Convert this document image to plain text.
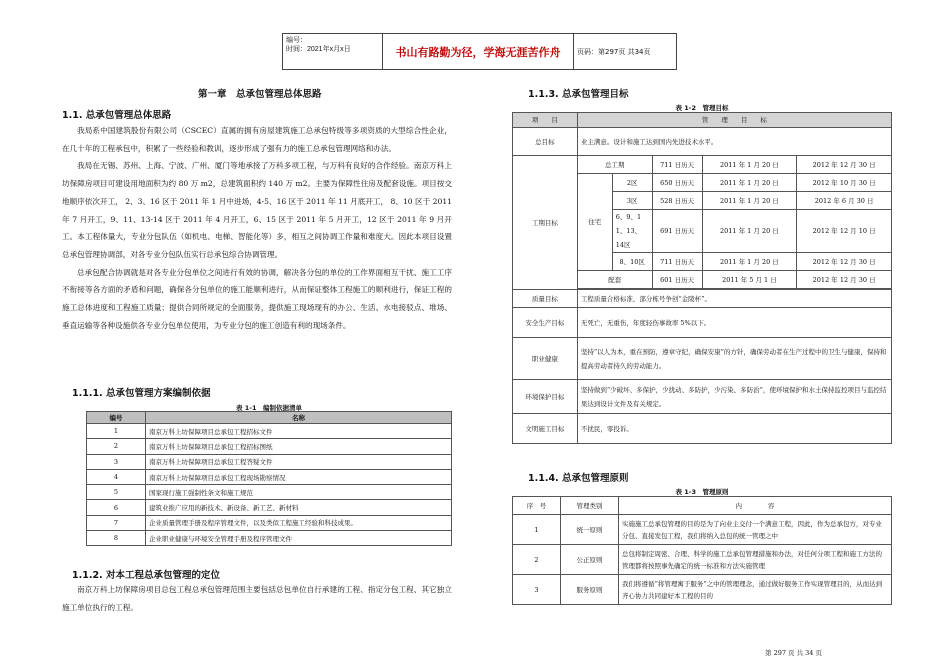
编号：
时间：2021年x月x日	书山有路勤为径，学海无涯苦作舟	页码：第297页 共34页
第一章　总承包管理总体思路
1.1. 总承包管理总体思路

我局系中国建筑股份有限公司（CSCEC）直属的拥有房屋建筑施工总承包特级等多项资质的大型综合性企业，在几十年的工程承包中，积累了一些经验和教训，逐步形成了强有力的施工总承包管理网络和办法。

我局在无锡、苏州、上海、宁波、广州、厦门等地承接了万科多项工程，与万科有良好的合作经验。南京万科上坊保障房项目可建设用地面积为约 80 万 m2，总建筑面积约 140 万 m2。主要为保障性住房及配套设施。项目按交地顺序依次开工， 2、3、16 区于 2011 年 1 月中进场，4-5、16 区于 2011 年 11 月底开工， 8、10 区于 2011 年 7 月开工，9、11、13-14 区于 2011 年 4 月开工，6、15 区于 2011 年 5 月开工，12 区于 2011 年 9 月开工。本工程体量大，专业分包队伍（如机电、电梯、智能化等）多，相互之间协调工作量和难度大。因此本项目设置总承包管理协调部，对各专业分包队伍实行总承包综合协调管理。

总承包配合协调就是对各专业分包单位之间进行有效的协调，解决各分包的单位的工作界面相互干扰、施工工序不衔接等各方面的矛盾和问题，确保各分包单位的施工能顺利进行，从而保证整体工程施工的顺利进行，保证工程的施工总体进度和工程施工质量；提供合同所规定的全面服务，提供施工现场现有的办公、生活、水电接驳点、堆场、垂直运输等各种设施供各专业分包单位使用，为专业分包的施工创造有利的现场条件。

1.1.1. 总承包管理方案编制依据
表 1-1　编制依据清单
编号	名称
1	南京万科上坊保障项目总承包工程招标文件
2	南京万科上坊保障项目总承包工程招标图纸
3	南京万科上坊保障项目总承包工程答疑文件
4	南京万科上坊保障项目总承包工程现场勘察情况
5	国家现行施工强制性条文和施工规范
6	建筑业推广应用的新技术、新设备、新工艺、新材料
7	企业质量管理手册及程序管理文件，以及类似工程施工经验和科技成果。
8	企业职业健康与环境安全管理手册及程序管理文件
1.1.2. 对本工程总承包管理的定位

南京万科上坊保障房项目总包工程总承包管理范围主要包括总包单位自行承建的工程、指定分包工程、其它独立施工单位执行的工程。

1.1.3. 总承包管理目标
表 1-2　管理目标
项　　目	管　　理　　目　　标				
总目标	业主满意。设计和施工达到国内先进技术水平。				
工期目标	总工期		711 日历天	2011 年 1 月 20 日	2012 年 12 月 30 日
	住宅	2区	650 日历天	2011 年 1 月 20 日	2012 年 10 月 30 日
		3区	528 日历天	2011 年 1 月 20 日	2012 年 6 月 30 日
		6、9、1 1、13、 14区	691 日历天	2011 年 1 月 20 日	2012 年 12 月 10 日
		8、10区	711 日历天	2011 年 1 月 20 日	2012 年 12 月 30 日
	配套		601 日历天	2011 年 5 月 1 日	2012 年 12 月 30 日

质量目标	工程质量合格标准，部分栋号争创“金陵杯”。				
安全生产目标	无死亡，无重伤，年度轻伤事故率 5%以下。				
职业健康	坚持“以人为本，重在预防，遵章守纪，确保安康”的方针，确保劳动者在生产过程中的卫生与健康，保持和提高劳动者持久的劳动能力。				
环境保护目标	坚持做到“少破坏、多保护，少扰动、多防护，少污染、多防治”，使环境保护和水土保持监控项目与监控结果达到设计文件及有关规定。				
文明施工目标	不扰民，零投诉。				
1.1.4. 总承包管理原则
表 1-3　管理原则
序　号	管理类别	内　　　　容
1	统一原则	实施施工总承包管理的目的是为了向业主交付一个满意工程，因此，作为总承包方，对专业分包、直接发包工程，我们将纳入总包的统一管理之中
2	公正原则	总包将制定周密、合理、科学的施工总承包管理措施和办法，对任何分项工程和施工方法的管理都将按照事先确定的统一标准和方法实施管理
3	服务原则	我们将遵循“将管理寓于服务”之中的管理理念，通过做好服务工作实现管理目的，从而达到齐心协力共同建好本工程的目的
第 297 页 共 34 页
